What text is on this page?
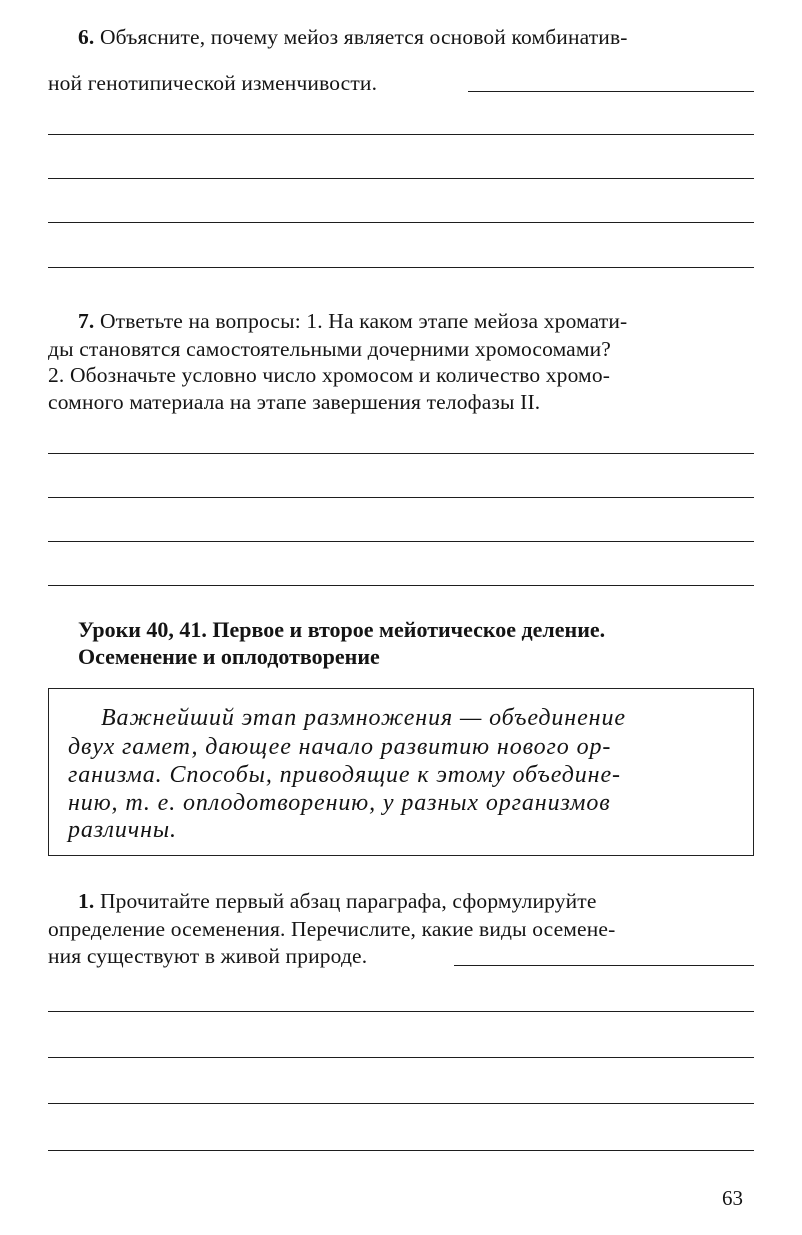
6. Объясните, почему мейоз является основой комбинатив-
ной генотипической изменчивости.
7. Ответьте на вопросы: 1. На каком этапе мейоза хромати-
ды становятся самостоятельными дочерними хромосомами?
2. Обозначьте условно число хромосом и количество хромо-
сомного материала на этапе завершения телофазы II.
Уроки 40, 41. Первое и второе мейотическое деление.
Осеменение и оплодотворение
Важнейший этап размножения — объединение
двух гамет, дающее начало развитию нового ор-
ганизма. Способы, приводящие к этому объедине-
нию, т. е. оплодотворению, у разных организмов
различны.
1. Прочитайте первый абзац параграфа, сформулируйте
определение осеменения. Перечислите, какие виды осемене-
ния существуют в живой природе.
63
